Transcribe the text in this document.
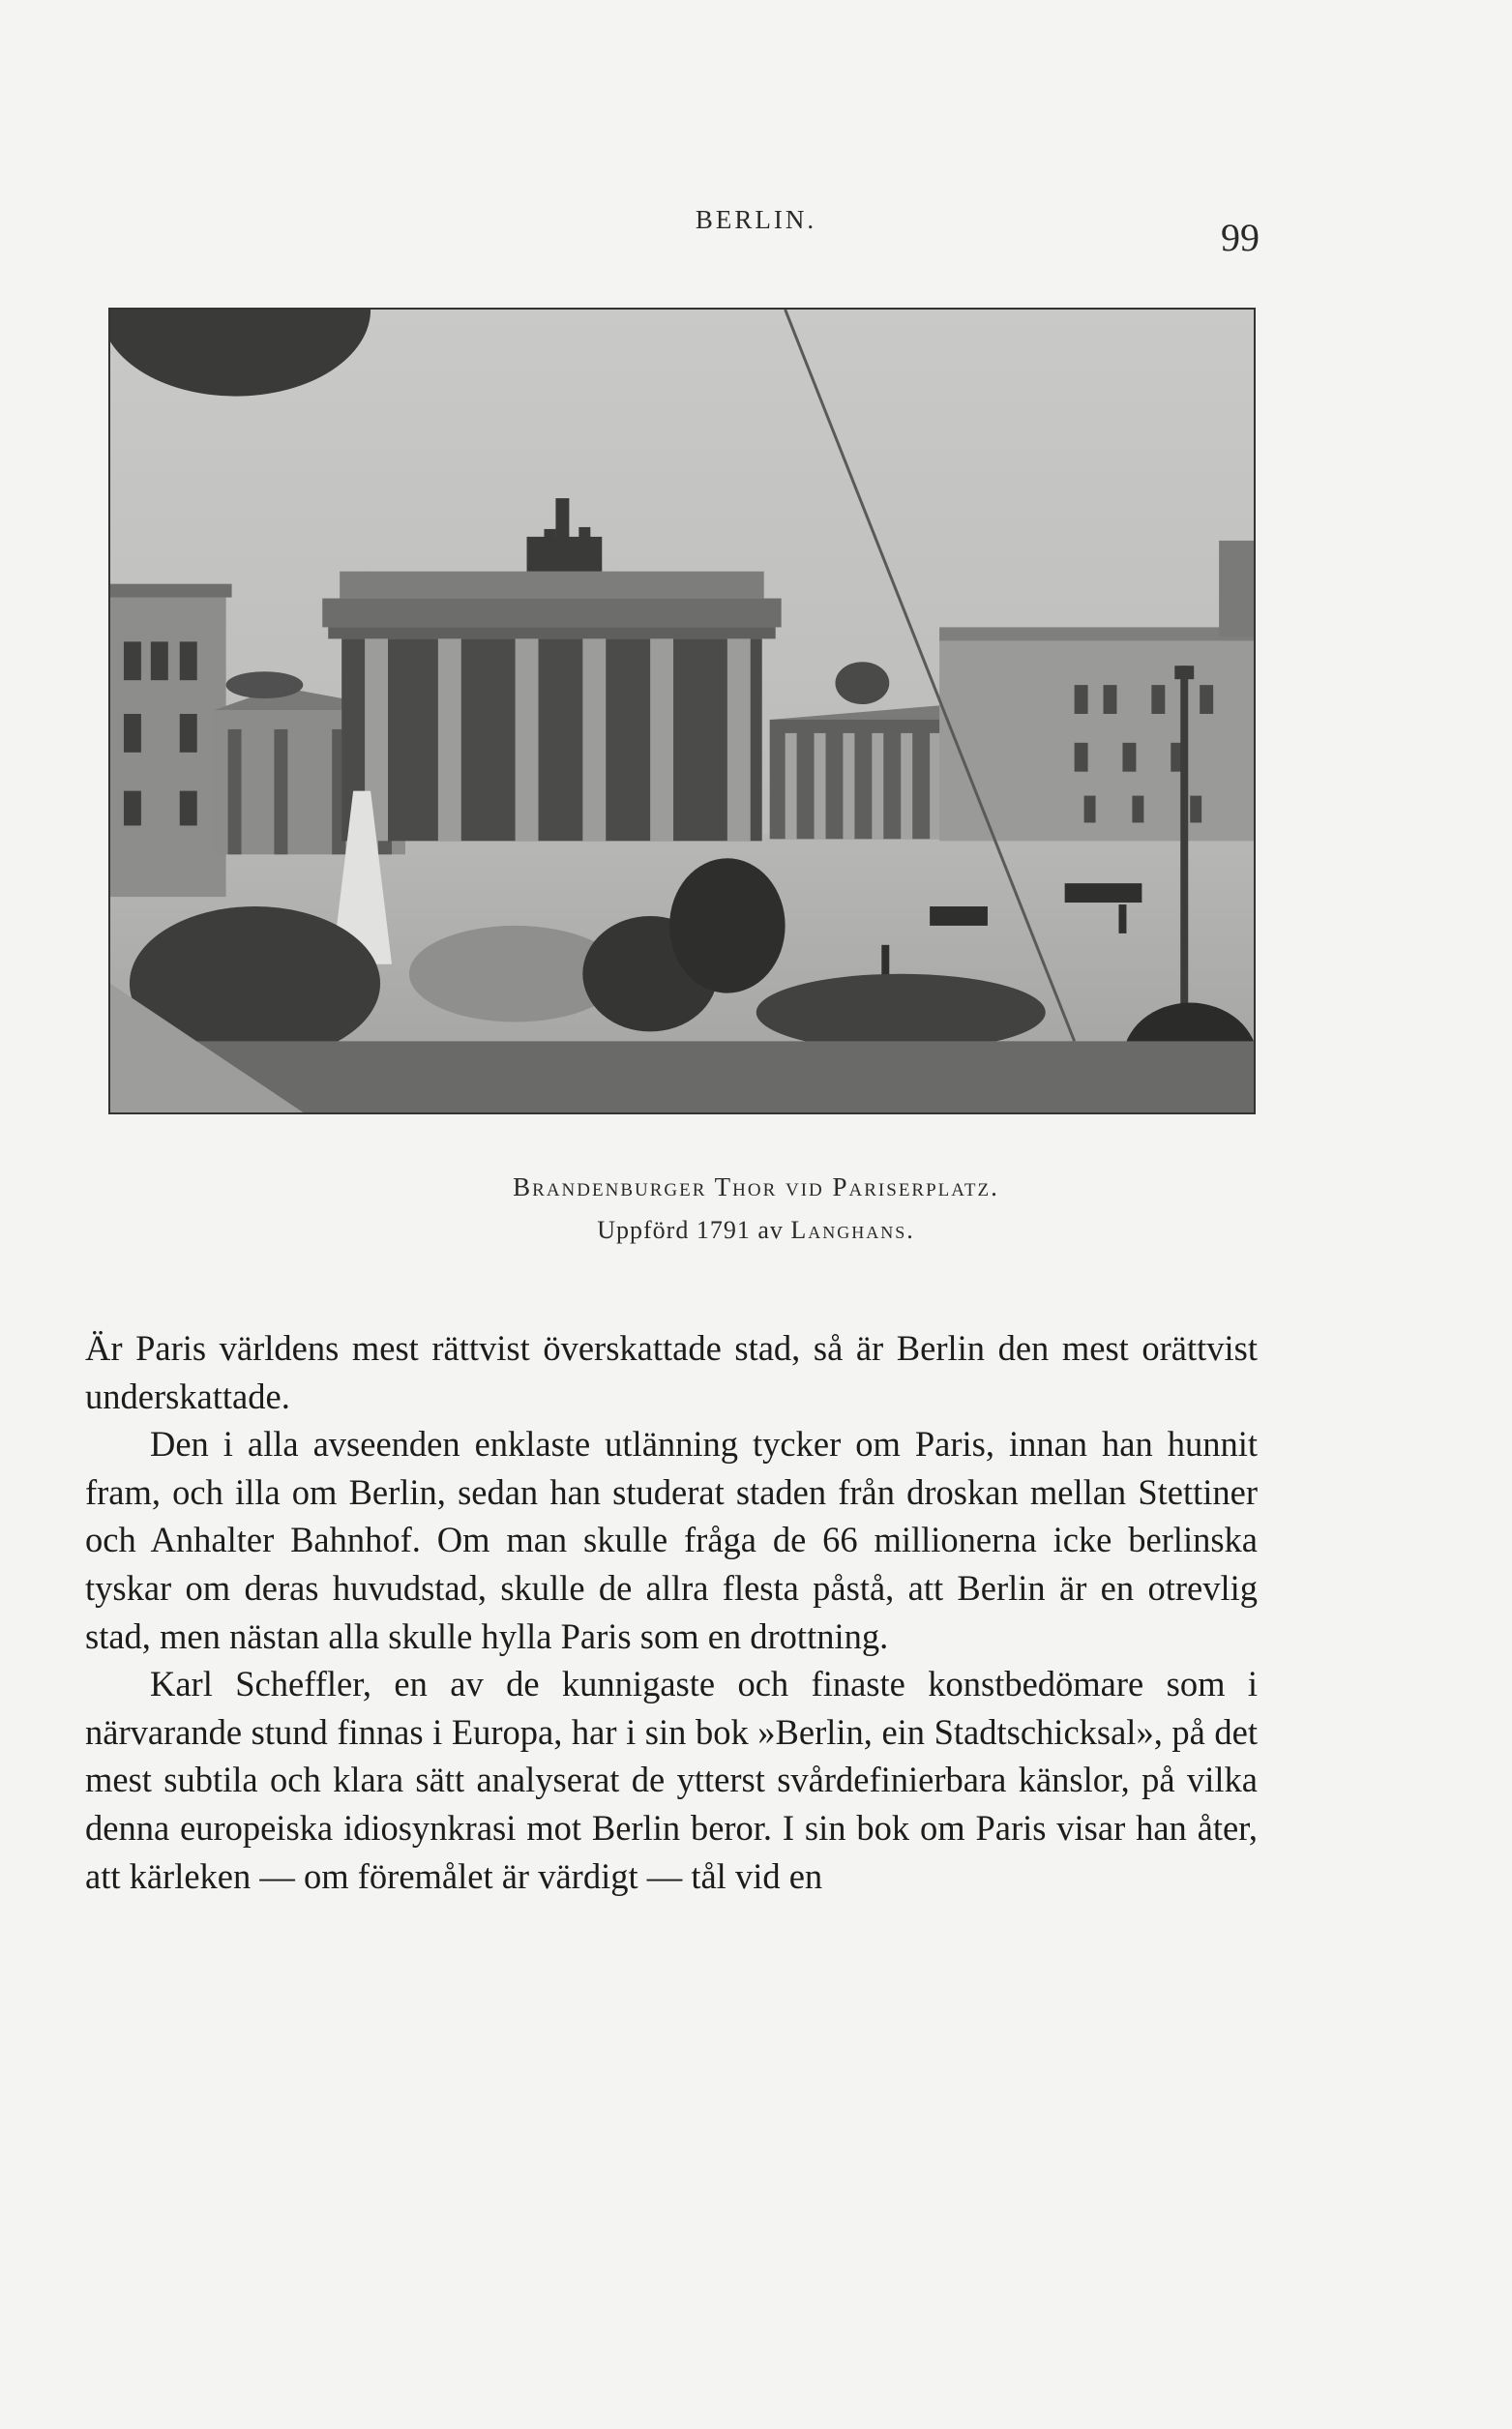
BERLIN.	99
Brandenburger Thor vid Pariserplatz.
Uppförd 1791 av Langhans.

Är Paris världens mest rättvist överskattade stad, så är Berlin den mest orättvist underskattade.

Den i alla avseenden enklaste utlänning tycker om Paris, innan han hunnit fram, och illa om Berlin, sedan han studerat staden från droskan mellan Stettiner och Anhalter Bahnhof. Om man skulle fråga de 66 millionerna icke berlinska tyskar om deras huvudstad, skulle de allra flesta påstå, att Berlin är en otrevlig stad, men nästan alla skulle hylla Paris som en drottning.

Karl Scheffler, en av de kunnigaste och finaste konstbedömare som i närvarande stund finnas i Europa, har i sin bok »Berlin, ein Stadtschicksal», på det mest subtila och klara sätt analyserat de ytterst svårdefinierbara känslor, på vilka denna europeiska idiosynkrasi mot Berlin beror. I sin bok om Paris visar han åter, att kärleken — om föremålet är värdigt — tål vid en
